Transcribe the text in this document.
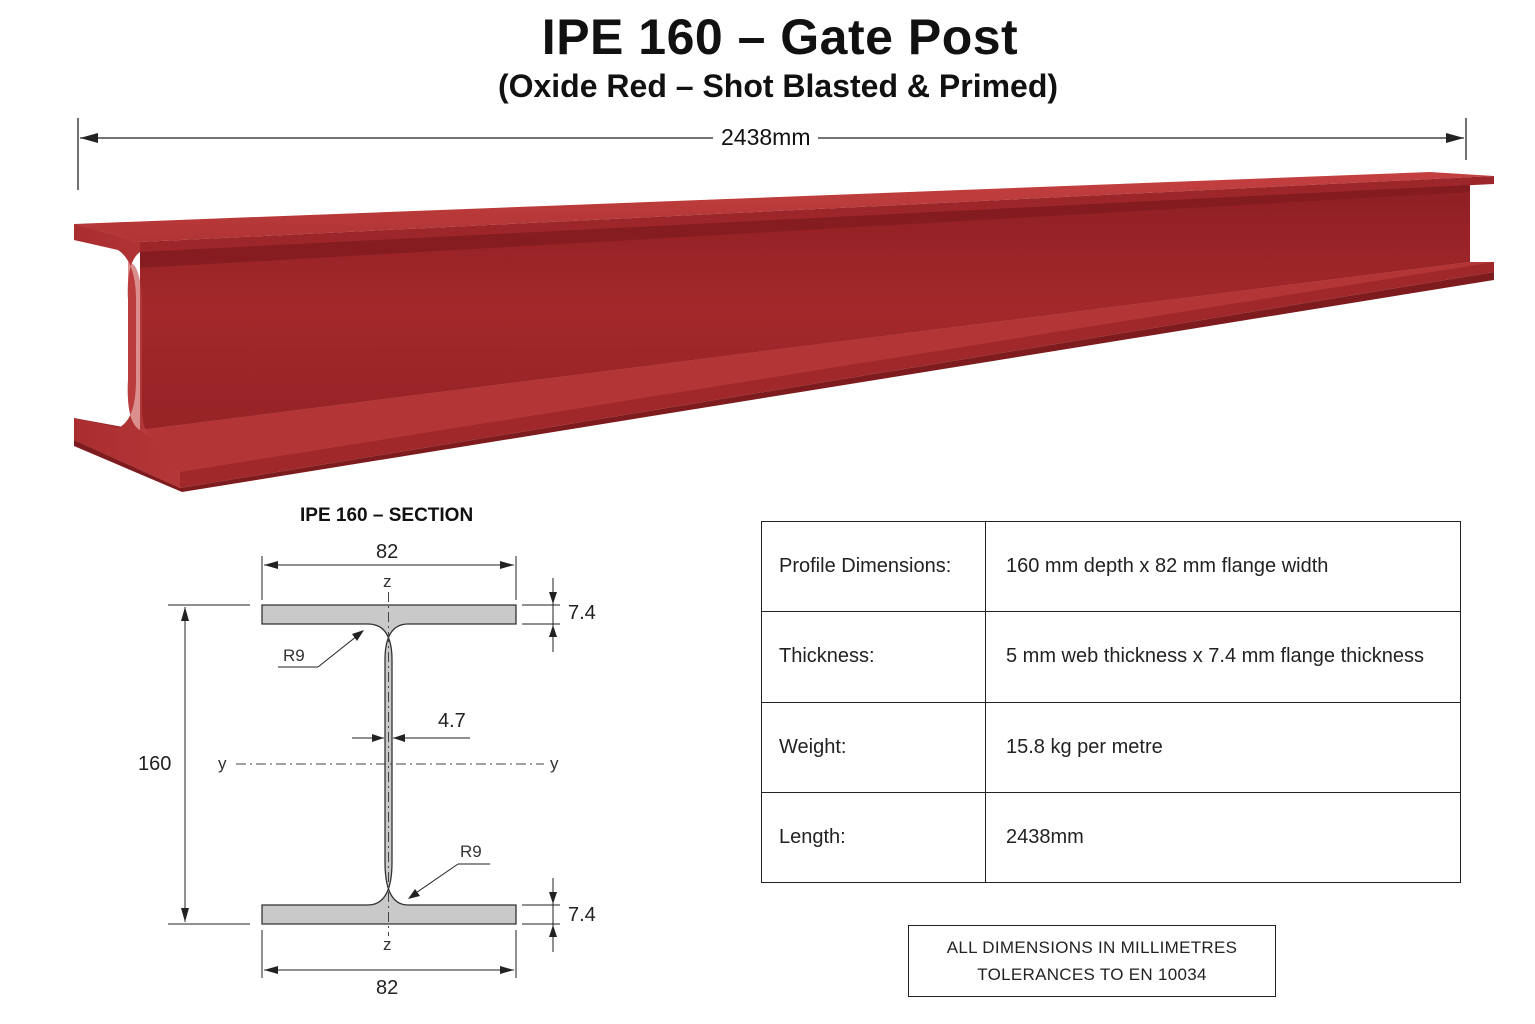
IPE 160 – Gate Post
(Oxide Red – Shot Blasted & Primed)
2438mm
IPE 160 – SECTION
82
82
160
7.4
7.4
4.7
R9
R9
z
z
y	y
Profile Dimensions:	160 mm depth x 82 mm flange width
Thickness:	5 mm web thickness x 7.4 mm flange thickness
Weight:	15.8 kg per metre
Length:	2438mm
ALL DIMENSIONS IN MILLIMETRES
TOLERANCES TO EN 10034
